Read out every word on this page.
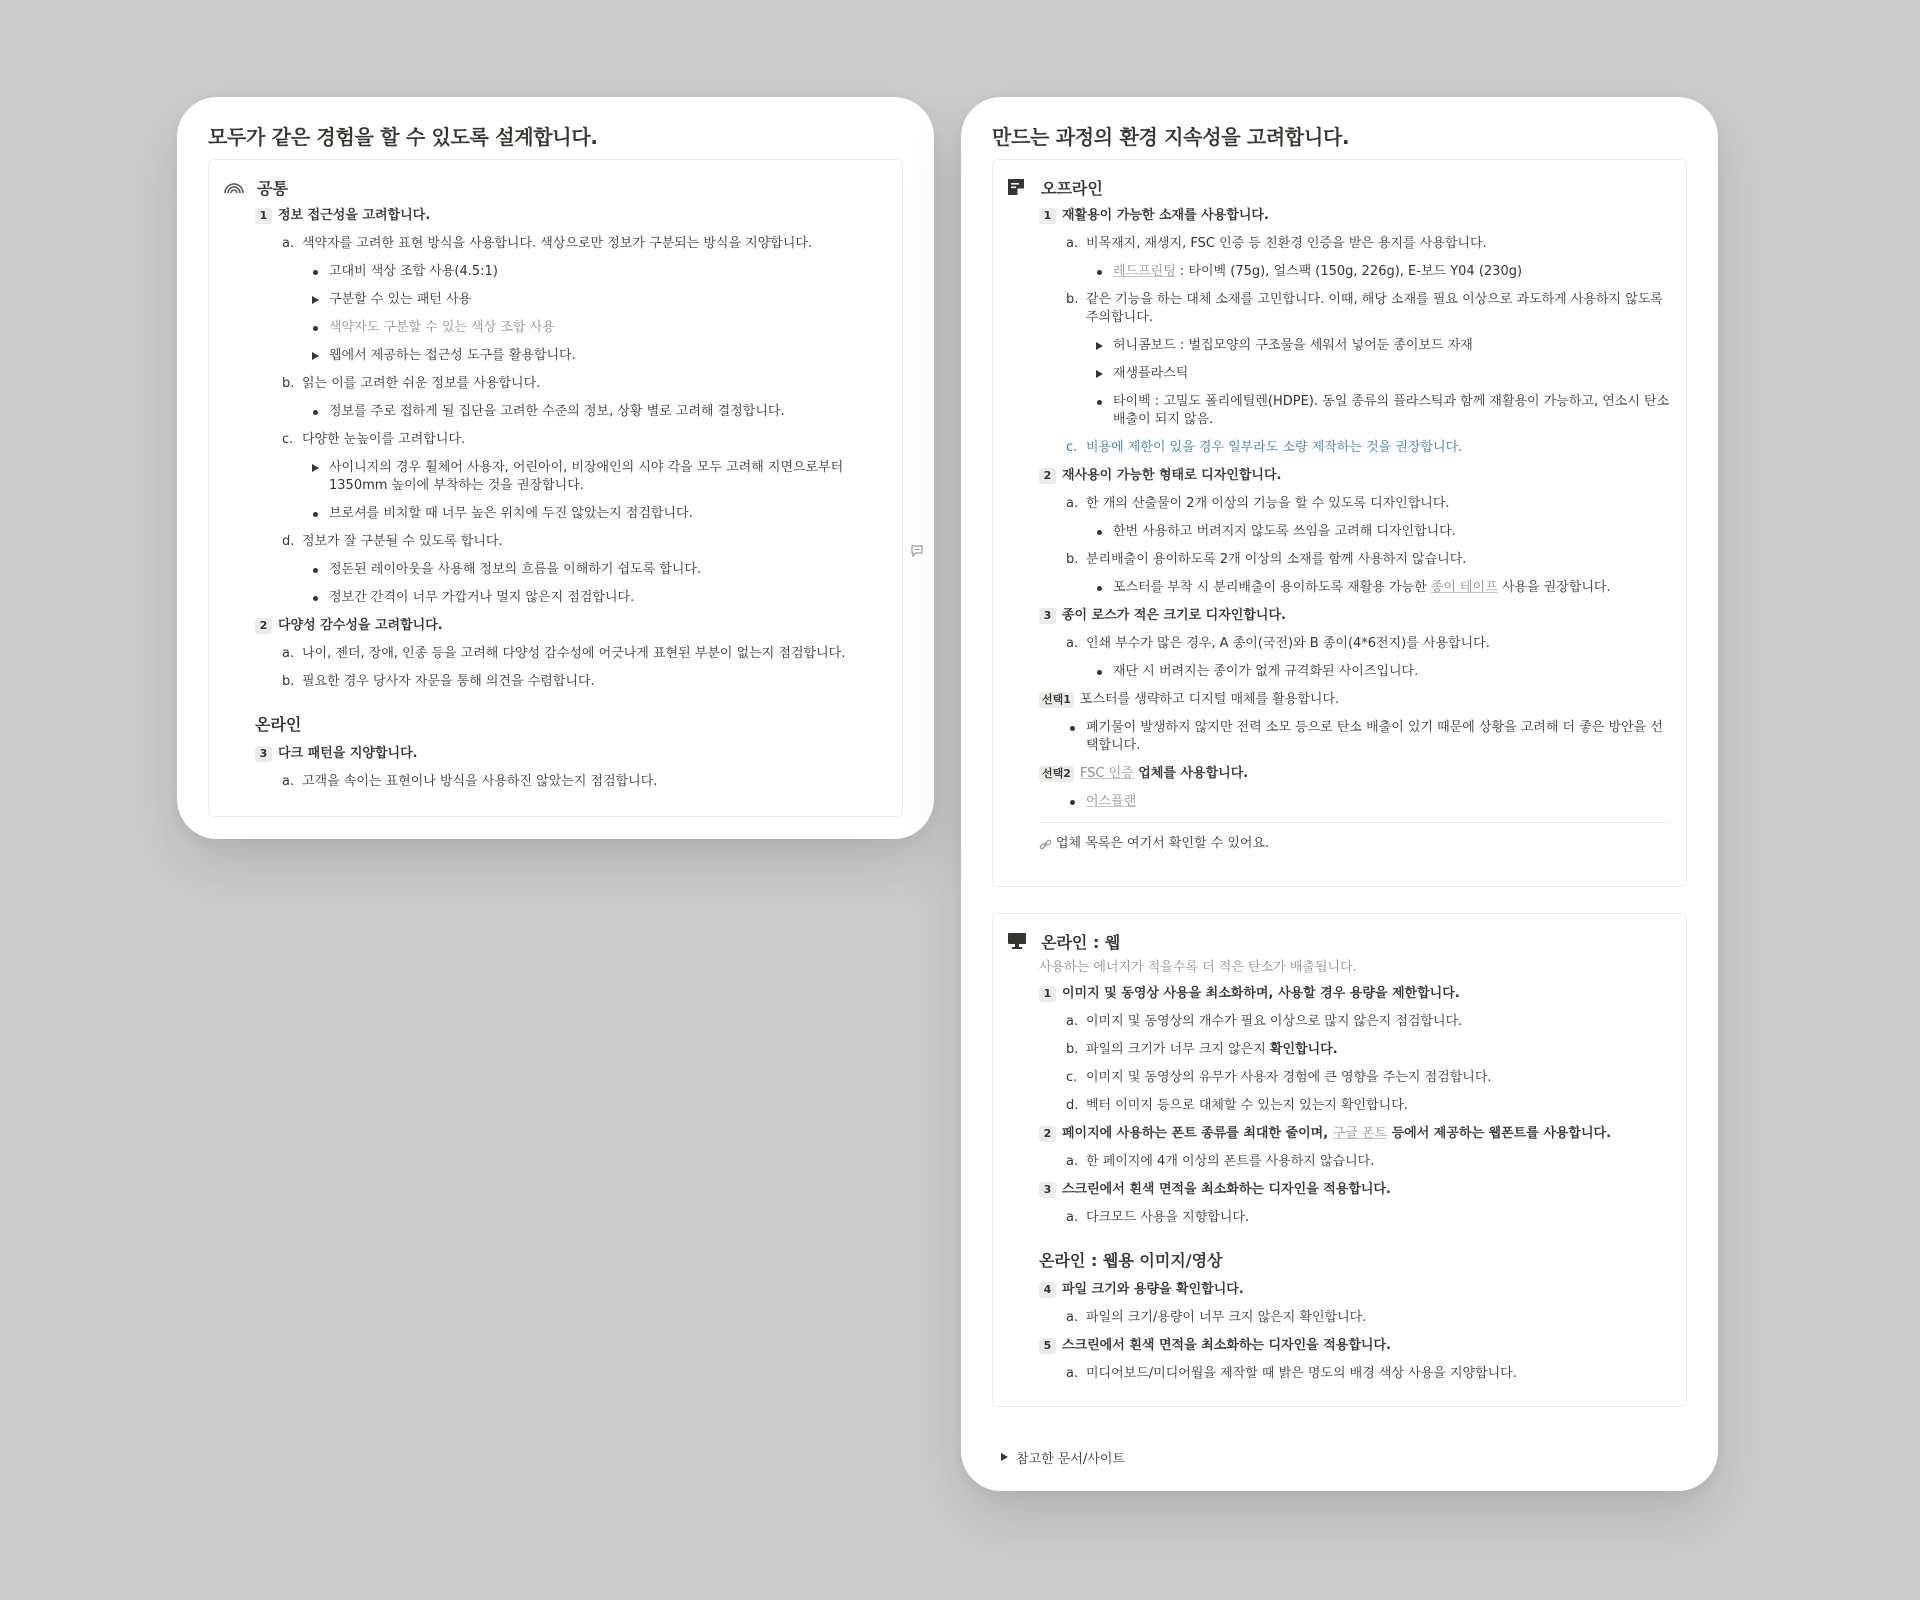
모두가 같은 경험을 할 수 있도록 설계합니다.
공통
1 정보 접근성을 고려합니다.
a. 색약자를 고려한 표현 방식을 사용합니다. 색상으로만 정보가 구분되는 방식을 지양합니다.
고대비 색상 조합 사용(4.5:1)
구분할 수 있는 패턴 사용
색약자도 구분할 수 있는 색상 조합 사용
웹에서 제공하는 접근성 도구를 활용합니다.
b. 읽는 이를 고려한 쉬운 정보를 사용합니다.
정보를 주로 접하게 될 집단을 고려한 수준의 정보, 상황 별로 고려해 결정합니다.
c. 다양한 눈높이를 고려합니다.
사이니지의 경우 휠체어 사용자, 어린아이, 비장애인의 시야 각을 모두 고려해 지면으로부터 1350mm 높이에 부착하는 것을 권장합니다.
브로셔를 비치할 때 너무 높은 위치에 두진 않았는지 점검합니다.
d. 정보가 잘 구분될 수 있도록 합니다.
정돈된 레이아웃을 사용해 정보의 흐름을 이해하기 쉽도록 합니다.
정보간 간격이 너무 가깝거나 멀지 않은지 점검합니다.
2 다양성 감수성을 고려합니다.
a. 나이, 젠더, 장애, 인종 등을 고려해 다양성 감수성에 어긋나게 표현된 부분이 없는지 점검합니다.
b. 필요한 경우 당사자 자문을 통해 의견을 수렴합니다.
온라인
3 다크 패턴을 지양합니다.
a. 고객을 속이는 표현이나 방식을 사용하진 않았는지 점검합니다.
만드는 과정의 환경 지속성을 고려합니다.
오프라인
1 재활용이 가능한 소재를 사용합니다.
a. 비목재지, 재생지, FSC 인증 등 친환경 인증을 받은 용지를 사용합니다.
레드프린팅 : 타이벡 (75g), 얼스팩 (150g, 226g), E-보드 Y04 (230g)
b. 같은 기능을 하는 대체 소재를 고민합니다. 이때, 해당 소재를 필요 이상으로 과도하게 사용하지 않도록 주의합니다.
허니콤보드 : 벌집모양의 구조물을 세워서 넣어둔 종이보드 자재
재생플라스틱
타이벡 : 고밀도 폴리에틸렌(HDPE). 동일 종류의 플라스틱과 함께 재활용이 가능하고, 연소시 탄소 배출이 되지 않음.
c. 비용에 제한이 있을 경우 일부라도 소량 제작하는 것을 권장합니다.
2 재사용이 가능한 형태로 디자인합니다.
a. 한 개의 산출물이 2개 이상의 기능을 할 수 있도록 디자인합니다.
한번 사용하고 버려지지 않도록 쓰임을 고려해 디자인합니다.
b. 분리배출이 용이하도록 2개 이상의 소재를 함께 사용하지 않습니다.
포스터를 부착 시 분리배출이 용이하도록 재활용 가능한 종이 테이프 사용을 권장합니다.
3 종이 로스가 적은 크기로 디자인합니다.
a. 인쇄 부수가 많은 경우, A 종이(국전)와 B 종이(4*6전지)를 사용합니다.
재단 시 버려지는 종이가 없게 규격화된 사이즈입니다.
선택1 포스터를 생략하고 디지털 매체를 활용합니다.
폐기물이 발생하지 않지만 전력 소모 등으로 탄소 배출이 있기 때문에 상황을 고려해 더 좋은 방안을 선택합니다.
선택2 FSC 인증 업체를 사용합니다.
어스플랜
업체 목록은 여기서 확인할 수 있어요.
온라인 : 웹
사용하는 에너지가 적을수록 더 적은 탄소가 배출됩니다.
1 이미지 및 동영상 사용을 최소화하며, 사용할 경우 용량을 제한합니다.
a. 이미지 및 동영상의 개수가 필요 이상으로 많지 않은지 점검합니다.
b. 파일의 크기가 너무 크지 않은지 확인합니다.
c. 이미지 및 동영상의 유무가 사용자 경험에 큰 영향을 주는지 점검합니다.
d. 벡터 이미지 등으로 대체할 수 있는지 있는지 확인합니다.
2 페이지에 사용하는 폰트 종류를 최대한 줄이며, 구글 폰트 등에서 제공하는 웹폰트를 사용합니다.
a. 한 페이지에 4개 이상의 폰트를 사용하지 않습니다.
3 스크린에서 흰색 면적을 최소화하는 디자인을 적용합니다.
a. 다크모드 사용을 지향합니다.
온라인 : 웹용 이미지/영상
4 파일 크기와 용량을 확인합니다.
a. 파일의 크기/용량이 너무 크지 않은지 확인합니다.
5 스크린에서 흰색 면적을 최소화하는 디자인을 적용합니다.
a. 미디어보드/미디어월을 제작할 때 밝은 명도의 배경 색상 사용을 지양합니다.
참고한 문서/사이트
